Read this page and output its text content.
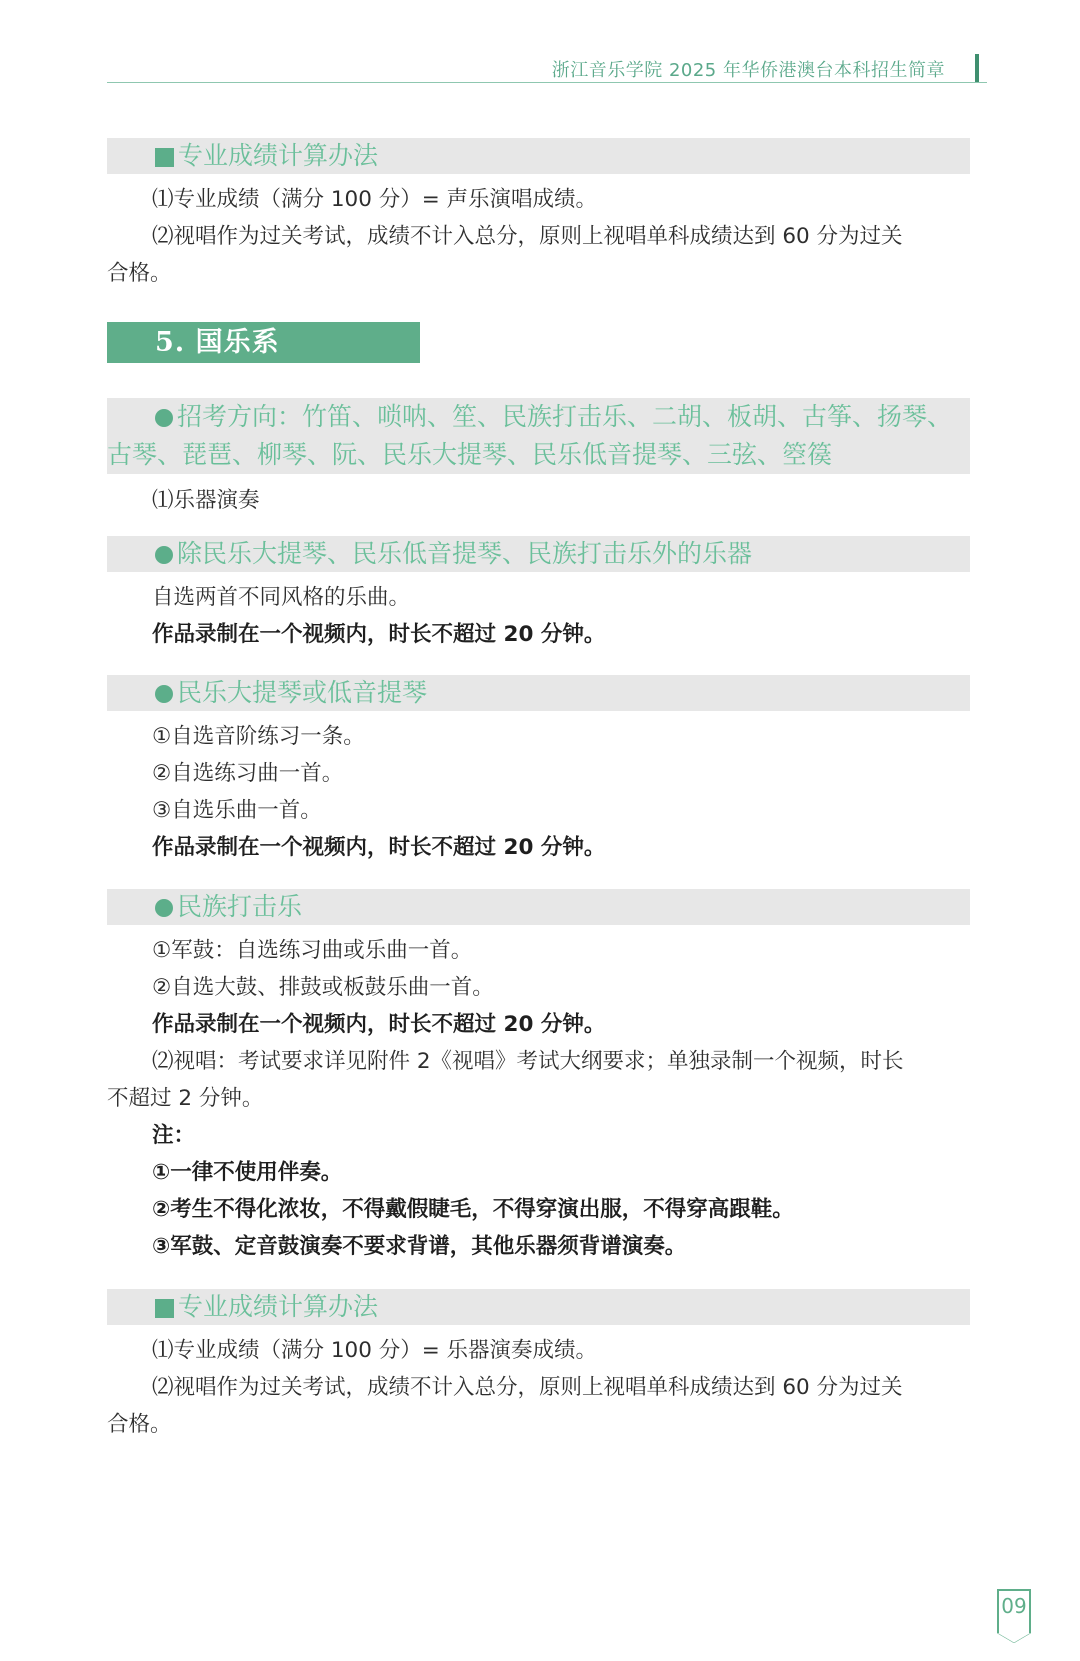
浙江音乐学院 2025 年华侨港澳台本科招生简章
专业成绩计算办法
⑴专业成绩（满分 100 分）= 声乐演唱成绩。
⑵视唱作为过关考试，成绩不计入总分，原则上视唱单科成绩达到 60 分为过关
合格。
5. 国乐系
招考方向：竹笛、唢呐、笙、民族打击乐、二胡、板胡、古筝、扬琴、
古琴、琵琶、柳琴、阮、民乐大提琴、民乐低音提琴、三弦、箜篌
⑴乐器演奏
除民乐大提琴、民乐低音提琴、民族打击乐外的乐器
自选两首不同风格的乐曲。
作品录制在一个视频内，时长不超过 20 分钟。
民乐大提琴或低音提琴
①自选音阶练习一条。
②自选练习曲一首。
③自选乐曲一首。
作品录制在一个视频内，时长不超过 20 分钟。
民族打击乐
①军鼓：自选练习曲或乐曲一首。
②自选大鼓、排鼓或板鼓乐曲一首。
作品录制在一个视频内，时长不超过 20 分钟。
⑵视唱：考试要求详见附件 2《视唱》考试大纲要求；单独录制一个视频，时长
不超过 2 分钟。
注：
①一律不使用伴奏。
②考生不得化浓妆，不得戴假睫毛，不得穿演出服，不得穿高跟鞋。
③军鼓、定音鼓演奏不要求背谱，其他乐器须背谱演奏。
专业成绩计算办法
⑴专业成绩（满分 100 分）= 乐器演奏成绩。
⑵视唱作为过关考试，成绩不计入总分，原则上视唱单科成绩达到 60 分为过关
合格。
09
